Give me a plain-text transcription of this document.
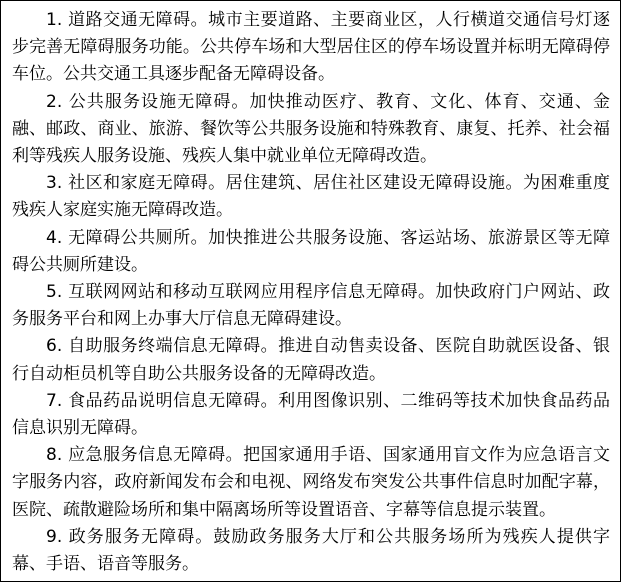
1. 道路交通无障碍。城市主要道路、主要商业区，人行横道交通信号灯逐步完善无障碍服务功能。公共停车场和大型居住区的停车场设置并标明无障碍停车位。公共交通工具逐步配备无障碍设备。

2. 公共服务设施无障碍。加快推动医疗、教育、文化、体育、交通、金融、邮政、商业、旅游、餐饮等公共服务设施和特殊教育、康复、托养、社会福利等残疾人服务设施、残疾人集中就业单位无障碍改造。

3. 社区和家庭无障碍。居住建筑、居住社区建设无障碍设施。为困难重度残疾人家庭实施无障碍改造。

4. 无障碍公共厕所。加快推进公共服务设施、客运站场、旅游景区等无障碍公共厕所建设。

5. 互联网网站和移动互联网应用程序信息无障碍。加快政府门户网站、政务服务平台和网上办事大厅信息无障碍建设。

6. 自助服务终端信息无障碍。推进自动售卖设备、医院自助就医设备、银行自动柜员机等自助公共服务设备的无障碍改造。

7. 食品药品说明信息无障碍。利用图像识别、二维码等技术加快食品药品信息识别无障碍。

8. 应急服务信息无障碍。把国家通用手语、国家通用盲文作为应急语言文字服务内容，政府新闻发布会和电视、网络发布突发公共事件信息时加配字幕，医院、疏散避险场所和集中隔离场所等设置语音、字幕等信息提示装置。

9. 政务服务无障碍。鼓励政务服务大厅和公共服务场所为残疾人提供字幕、手语、语音等服务。
